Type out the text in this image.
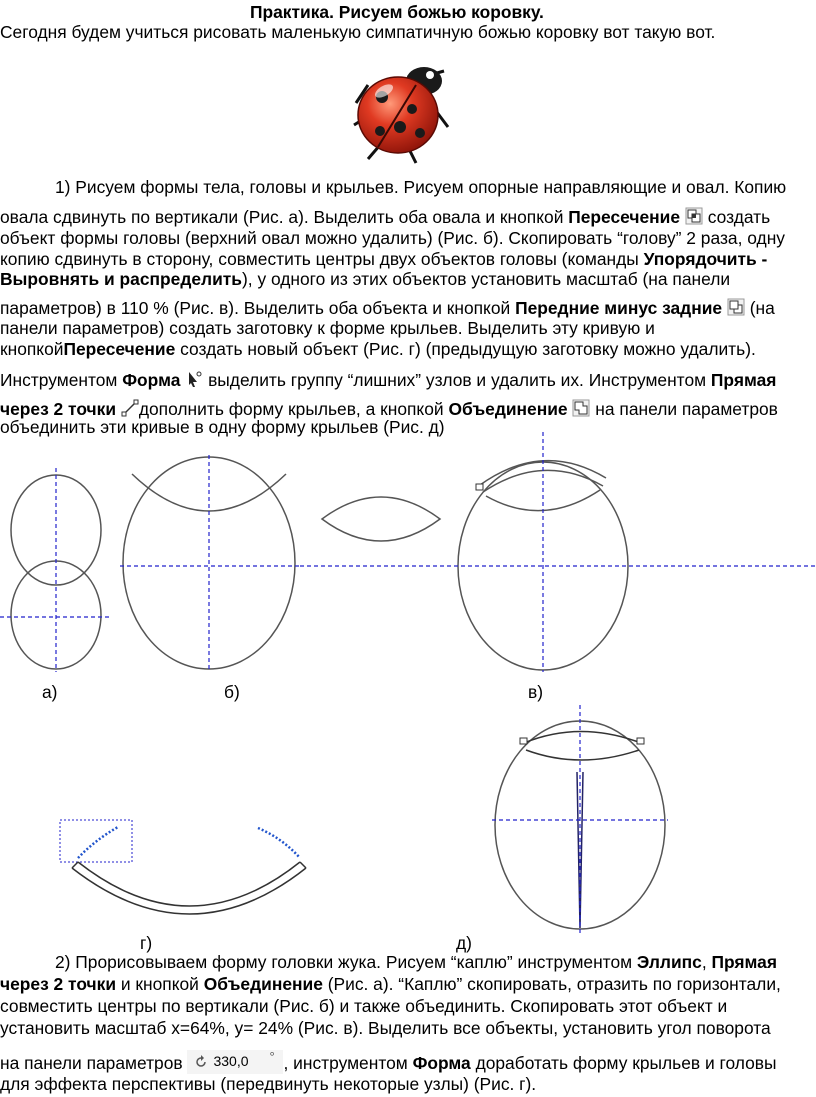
Практика. Рисуем божью коровку.
Сегодня будем учиться рисовать маленькую симпатичную божью коровку вот такую вот.
1) Рисуем формы тела, головы и крыльев. Рисуем опорные направляющие и овал. Копию
овала сдвинуть по вертикали (Рис. а). Выделить оба овала и кнопкой Пересечение  создать
объект формы головы (верхний овал можно удалить) (Рис. б). Скопировать “голову” 2 раза, одну
копию сдвинуть в сторону, совместить центры двух объектов головы (команды Упорядочить -
Выровнять и распределить), у одного из этих объектов установить масштаб (на панели
параметров) в 110 % (Рис. в). Выделить оба объекта и кнопкой Передние минус задние  (на
панели параметров) создать заготовку к форме крыльев. Выделить эту кривую и
кнопкойПересечение создать новый объект (Рис. г) (предыдущую заготовку можно удалить).
Инструментом Форма  выделить группу “лишних” узлов и удалить их. Инструментом Прямая
через 2 точки дополнить форму крыльев, а кнопкой Объединение  на панели параметров
объединить эти кривые в одну форму крыльев (Рис. д)
а)	б)	в)
г)	д)
2) Прорисовываем форму головки жука. Рисуем “каплю” инструментом Эллипс, Прямая
через 2 точки и кнопкой Объединение (Рис. а). “Каплю” скопировать, отразить по горизонтали,
совместить центры по вертикали (Рис. б) и также объединить. Скопировать этот объект и
установить масштаб x=64%, y= 24% (Рис. в). Выделить все объекты, установить угол поворота
на панели параметров 330,0 ° , инструментом Форма доработать форму крыльев и головы
для эффекта перспективы (передвинуть некоторые узлы) (Рис. г).
